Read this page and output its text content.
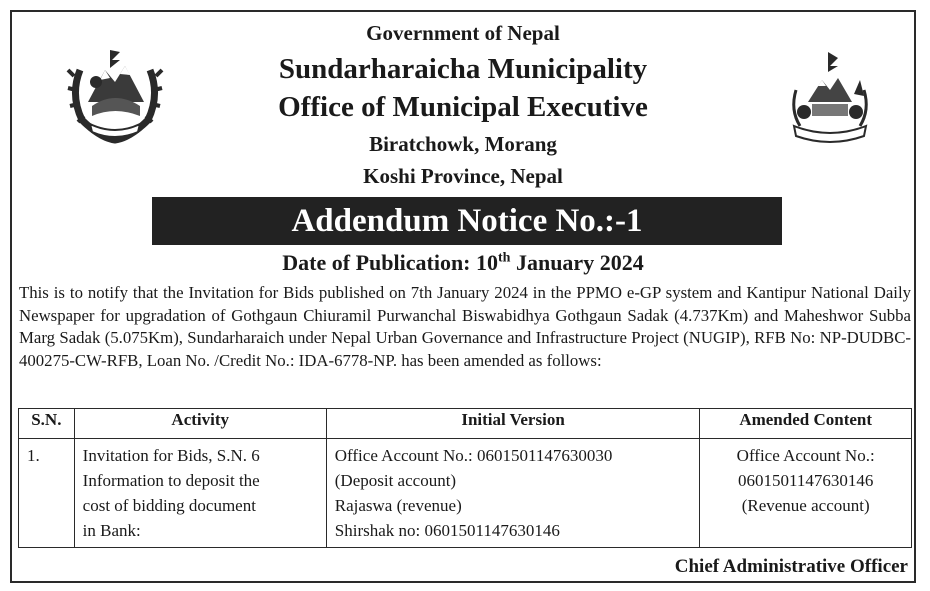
Government of Nepal
Sundarharaicha Municipality
Office of Municipal Executive
Biratchowk, Morang
Koshi Province, Nepal
Addendum Notice No.:-1
Date of Publication: 10th January 2024

This is to notify that the Invitation for Bids published on 7th January 2024 in the PPMO e-GP system and Kantipur National Daily Newspaper for upgradation of Gothgaun Chiuramil Purwanchal Biswabidhya Gothgaun Sadak (4.737Km) and Maheshwor Subba Marg Sadak (5.075Km), Sundarharaich under Nepal Urban Governance and Infrastructure Project (NUGIP), RFB No: NP-DUDBC-400275-CW-RFB, Loan No. /Credit No.: IDA-6778-NP. has been amended as follows:

S.N.	Activity	Initial Version	Amended Content
1.	Invitation for Bids, S.N. 6
Information to deposit the
cost of bidding document
in Bank:	Office Account No.: 0601501147630030
(Deposit account)
Rajaswa (revenue)
Shirshak no: 0601501147630146	Office Account No.:
0601501147630146
(Revenue account)
Chief Administrative Officer
